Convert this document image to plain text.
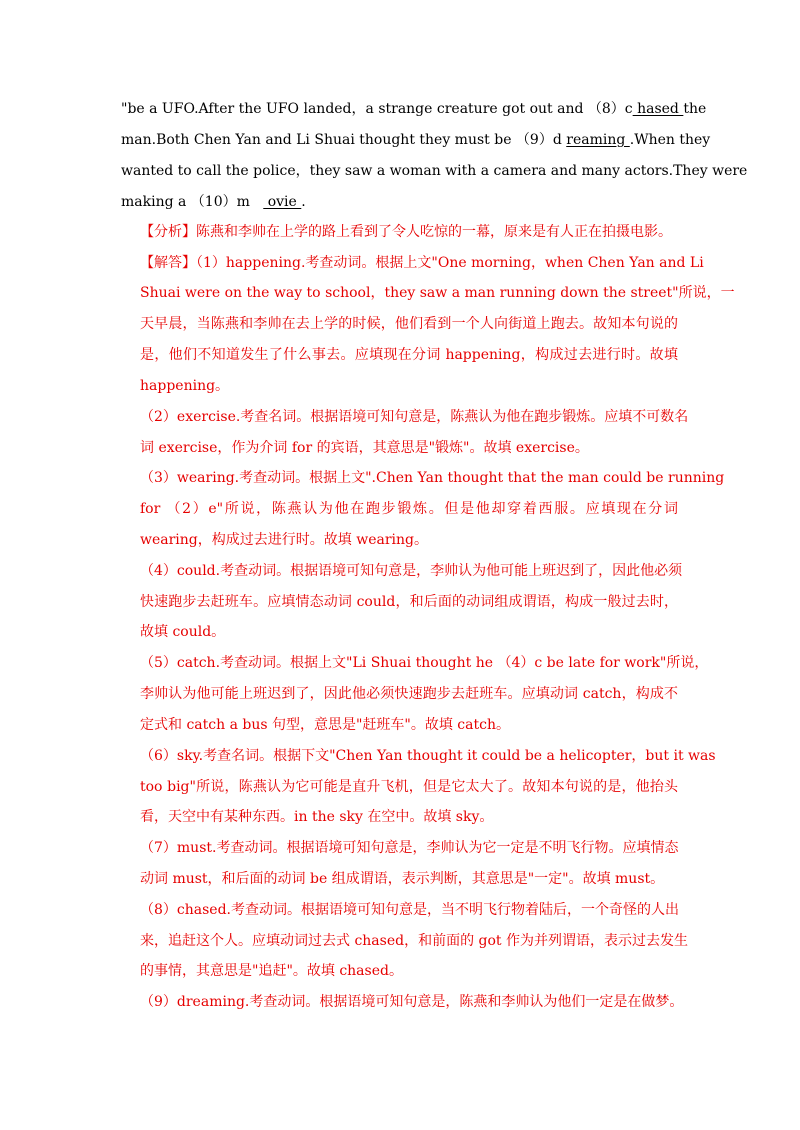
"be a UFO.After the UFO landed，a strange creature got out and （8）c hased the
man.Both Chen Yan and Li Shuai thought they must be （9）d reaming .When they
wanted to call the police，they saw a woman with a camera and many actors.They were
making a （10）m    ovie .
【分析】陈燕和李帅在上学的路上看到了令人吃惊的一幕，原来是有人正在拍摄电影。
【解答】（1）happening.考查动词。根据上文"One morning，when Chen Yan and Li
Shuai were on the way to school，they saw a man running down the street"所说，一
天早晨，当陈燕和李帅在去上学的时候，他们看到一个人向街道上跑去。故知本句说的
是，他们不知道发生了什么事去。应填现在分词 happening，构成过去进行时。故填
happening。
（2）exercise.考查名词。根据语境可知句意是，陈燕认为他在跑步锻炼。应填不可数名
词 exercise，作为介词 for 的宾语，其意思是"锻炼"。故填 exercise。
（3）wearing.考查动词。根据上文".Chen Yan thought that the man could be running
for （2）e"所说，陈燕认为他在跑步锻炼。但是他却穿着西服。应填现在分词
wearing，构成过去进行时。故填 wearing。
（4）could.考查动词。根据语境可知句意是，李帅认为他可能上班迟到了，因此他必须
快速跑步去赶班车。应填情态动词 could，和后面的动词组成谓语，构成一般过去时，
故填 could。
（5）catch.考查动词。根据上文"Li Shuai thought he （4）c be late for work"所说，
李帅认为他可能上班迟到了，因此他必须快速跑步去赶班车。应填动词 catch，构成不
定式和 catch a bus 句型，意思是"赶班车"。故填 catch。
（6）sky.考查名词。根据下文"Chen Yan thought it could be a helicopter，but it was
too big"所说，陈燕认为它可能是直升飞机，但是它太大了。故知本句说的是，他抬头
看，天空中有某种东西。in the sky 在空中。故填 sky。
（7）must.考查动词。根据语境可知句意是，李帅认为它一定是不明飞行物。应填情态
动词 must，和后面的动词 be 组成谓语，表示判断，其意思是"一定"。故填 must。
（8）chased.考查动词。根据语境可知句意是，当不明飞行物着陆后，一个奇怪的人出
来，追赶这个人。应填动词过去式 chased，和前面的 got 作为并列谓语，表示过去发生
的事情，其意思是"追赶"。故填 chased。
（9）dreaming.考查动词。根据语境可知句意是，陈燕和李帅认为他们一定是在做梦。
